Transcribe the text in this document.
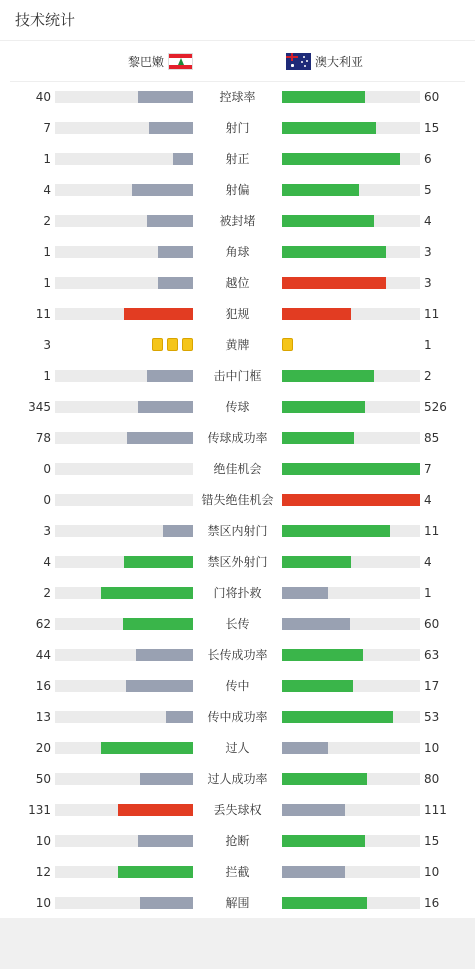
技术统计
黎巴嫩	澳大利亚
40	控球率	60
7	射门	15
1	射正	6
4	射偏	5
2	被封堵	4
1	角球	3
1	越位	3
11	犯规	11
3	黄牌	1
1	击中门框	2
345	传球	526
78	传球成功率	85
0	绝佳机会	7
0	错失绝佳机会	4
3	禁区内射门	11
4	禁区外射门	4
2	门将扑救	1
62	长传	60
44	长传成功率	63
16	传中	17
13	传中成功率	53
20	过人	10
50	过人成功率	80
131	丢失球权	111
10	抢断	15
12	拦截	10
10	解围	16
